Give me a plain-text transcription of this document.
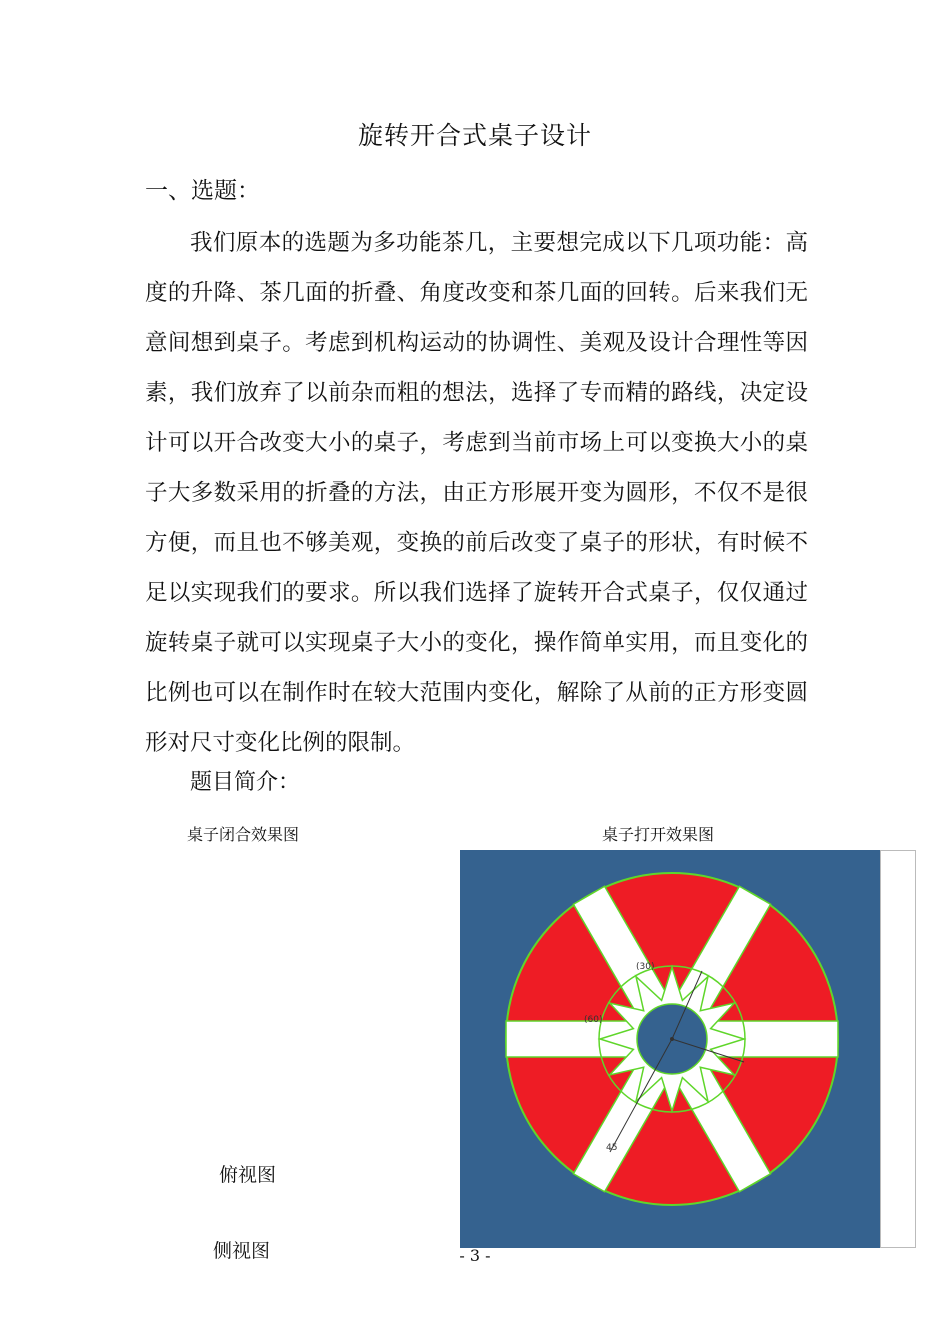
旋转开合式桌子设计
一、选题：

我们原本的选题为多功能茶几，主要想完成以下几项功能：高度的升降、茶几面的折叠、角度改变和茶几面的回转。后来我们无意间想到桌子。考虑到机构运动的协调性、美观及设计合理性等因素，我们放弃了以前杂而粗的想法，选择了专而精的路线，决定设计可以开合改变大小的桌子，考虑到当前市场上可以变换大小的桌子大多数采用的折叠的方法，由正方形展开变为圆形，不仅不是很方便，而且也不够美观，变换的前后改变了桌子的形状，有时候不足以实现我们的要求。所以我们选择了旋转开合式桌子，仅仅通过旋转桌子就可以实现桌子大小的变化，操作简单实用，而且变化的比例也可以在制作时在较大范围内变化，解除了从前的正方形变圆形对尺寸变化比例的限制。

题目简介：
桌子闭合效果图	桌子打开效果图
俯视图
侧视图
(30)
(60)
45
- 3 -
